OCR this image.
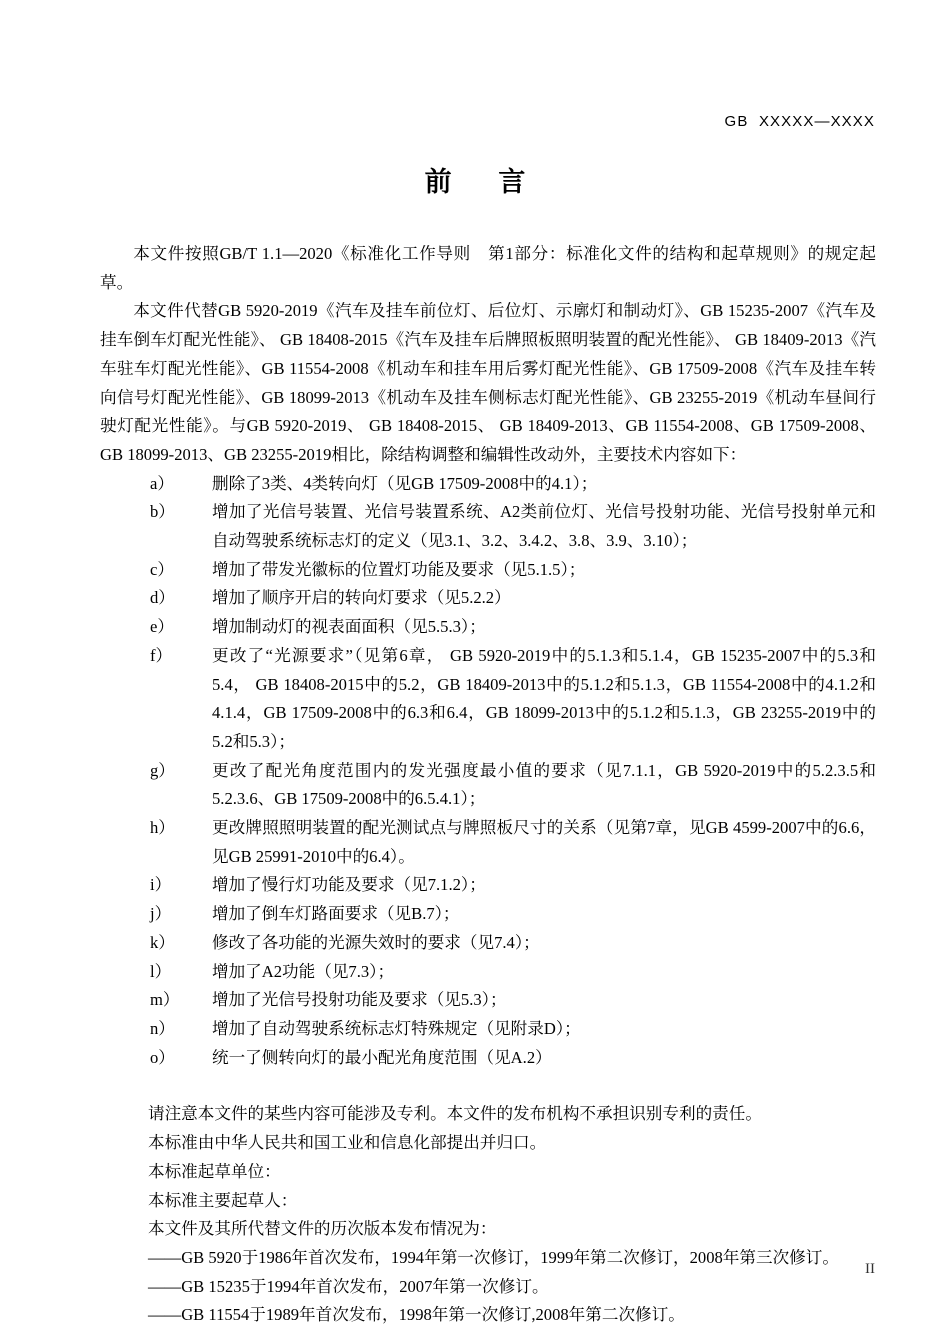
GB  XXXXX—XXXX
前 言

本文件按照GB/T 1.1—2020《标准化工作导则　第1部分：标准化文件的结构和起草规则》的规定起草。

本文件代替GB 5920-2019《汽车及挂车前位灯、后位灯、示廓灯和制动灯》、GB 15235-2007《汽车及挂车倒车灯配光性能》、 GB 18408-2015《汽车及挂车后牌照板照明装置的配光性能》、 GB 18409-2013《汽车驻车灯配光性能》、GB 11554-2008《机动车和挂车用后雾灯配光性能》、GB 17509-2008《汽车及挂车转向信号灯配光性能》、GB 18099-2013《机动车及挂车侧标志灯配光性能》、GB 23255-2019《机动车昼间行驶灯配光性能》。与GB 5920-2019、 GB 18408-2015、 GB 18409-2013、GB 11554-2008、GB 17509-2008、GB 18099-2013、GB 23255-2019相比，除结构调整和编辑性改动外，主要技术内容如下：

a）	删除了3类、4类转向灯（见GB 17509-2008中的4.1）；
b）	增加了光信号装置、光信号装置系统、A2类前位灯、光信号投射功能、光信号投射单元和自动驾驶系统标志灯的定义（见3.1、3.2、3.4.2、3.8、3.9、3.10）；
c）	增加了带发光徽标的位置灯功能及要求（见5.1.5）；
d）	增加了顺序开启的转向灯要求（见5.2.2）
e）	增加制动灯的视表面面积（见5.5.3）；
f）	更改了“光源要求”（见第6章， GB 5920-2019中的5.1.3和5.1.4，GB 15235-2007中的5.3和5.4， GB 18408-2015中的5.2，GB 18409-2013中的5.1.2和5.1.3，GB 11554-2008中的4.1.2和4.1.4，GB 17509-2008中的6.3和6.4，GB 18099-2013中的5.1.2和5.1.3，GB 23255-2019中的5.2和5.3）；
g）	更改了配光角度范围内的发光强度最小值的要求（见7.1.1，GB 5920-2019中的5.2.3.5和5.2.3.6、GB 17509-2008中的6.5.4.1）；
h）	更改牌照照明装置的配光测试点与牌照板尺寸的关系（见第7章，见GB 4599-2007中的6.6，见GB 25991-2010中的6.4）。
i）	增加了慢行灯功能及要求（见7.1.2）；
j）	增加了倒车灯路面要求（见B.7）；
k）	修改了各功能的光源失效时的要求（见7.4）；
l）	增加了A2功能（见7.3）；
m）	增加了光信号投射功能及要求（见5.3）；
n）	增加了自动驾驶系统标志灯特殊规定（见附录D）；
o）	统一了侧转向灯的最小配光角度范围（见A.2）

请注意本文件的某些内容可能涉及专利。本文件的发布机构不承担识别专利的责任。

本标准由中华人民共和国工业和信息化部提出并归口。

本标准起草单位：

本标准主要起草人：

本文件及其所代替文件的历次版本发布情况为：

——GB 5920于1986年首次发布，1994年第一次修订，1999年第二次修订，2008年第三次修订。

——GB 15235于1994年首次发布，2007年第一次修订。

——GB 11554于1989年首次发布，1998年第一次修订,2008年第二次修订。

II
